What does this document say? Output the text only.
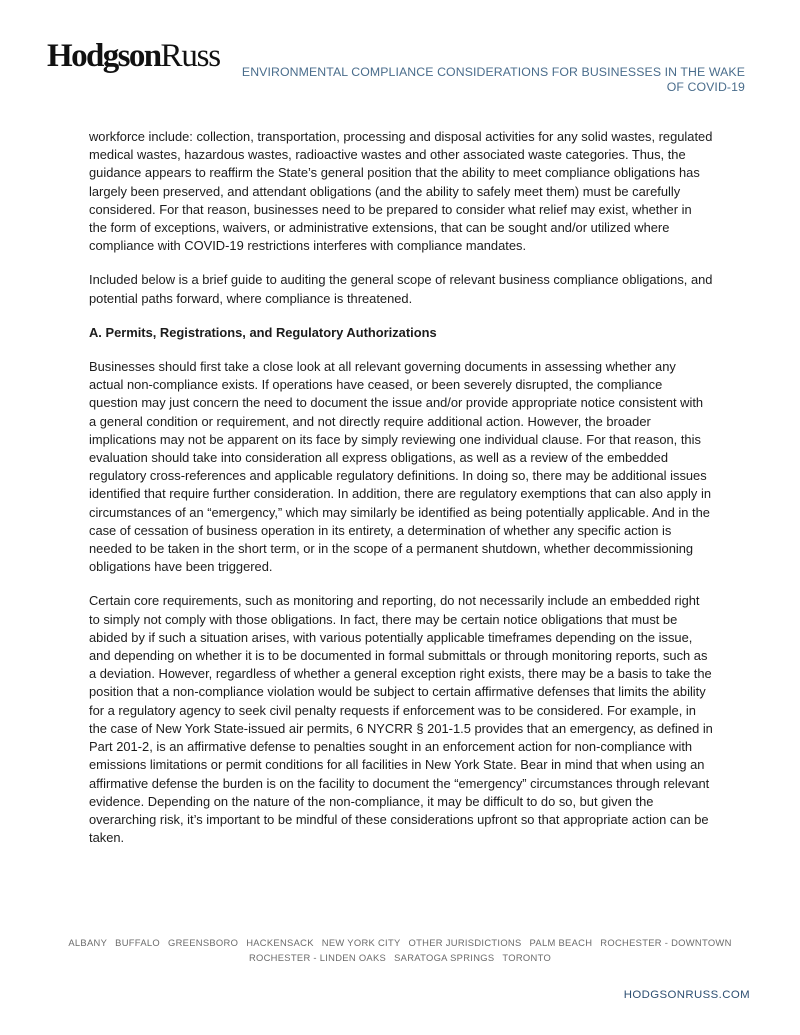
HodgsonRuss	ENVIRONMENTAL COMPLIANCE CONSIDERATIONS FOR BUSINESSES IN THE WAKE OF COVID-19

workforce include: collection, transportation, processing and disposal activities for any solid wastes, regulated medical wastes, hazardous wastes, radioactive wastes and other associated waste categories. Thus, the guidance appears to reaffirm the State’s general position that the ability to meet compliance obligations has largely been preserved, and attendant obligations (and the ability to safely meet them) must be carefully considered. For that reason, businesses need to be prepared to consider what relief may exist, whether in the form of exceptions, waivers, or administrative extensions, that can be sought and/or utilized where compliance with COVID-19 restrictions interferes with compliance mandates.

Included below is a brief guide to auditing the general scope of relevant business compliance obligations, and potential paths forward, where compliance is threatened.

A. Permits, Registrations, and Regulatory Authorizations

Businesses should first take a close look at all relevant governing documents in assessing whether any actual non-compliance exists. If operations have ceased, or been severely disrupted, the compliance question may just concern the need to document the issue and/or provide appropriate notice consistent with a general condition or requirement, and not directly require additional action. However, the broader implications may not be apparent on its face by simply reviewing one individual clause. For that reason, this evaluation should take into consideration all express obligations, as well as a review of the embedded regulatory cross-references and applicable regulatory definitions. In doing so, there may be additional issues identified that require further consideration. In addition, there are regulatory exemptions that can also apply in circumstances of an “emergency,” which may similarly be identified as being potentially applicable. And in the case of cessation of business operation in its entirety, a determination of whether any specific action is needed to be taken in the short term, or in the scope of a permanent shutdown, whether decommissioning obligations have been triggered.

Certain core requirements, such as monitoring and reporting, do not necessarily include an embedded right to simply not comply with those obligations. In fact, there may be certain notice obligations that must be abided by if such a situation arises, with various potentially applicable timeframes depending on the issue, and depending on whether it is to be documented in formal submittals or through monitoring reports, such as a deviation. However, regardless of whether a general exception right exists, there may be a basis to take the position that a non-compliance violation would be subject to certain affirmative defenses that limits the ability for a regulatory agency to seek civil penalty requests if enforcement was to be considered. For example, in the case of New York State-issued air permits, 6 NYCRR § 201-1.5 provides that an emergency, as defined in Part 201-2, is an affirmative defense to penalties sought in an enforcement action for non-compliance with emissions limitations or permit conditions for all facilities in New York State. Bear in mind that when using an affirmative defense the burden is on the facility to document the “emergency” circumstances through relevant evidence. Depending on the nature of the non-compliance, it may be difficult to do so, but given the overarching risk, it’s important to be mindful of these considerations upfront so that appropriate action can be taken.

ALBANY BUFFALO GREENSBORO HACKENSACK NEW YORK CITY OTHER JURISDICTIONS PALM BEACH ROCHESTER - DOWNTOWN
ROCHESTER - LINDEN OAKS SARATOGA SPRINGS TORONTO
HODGSONRUSS.COM
